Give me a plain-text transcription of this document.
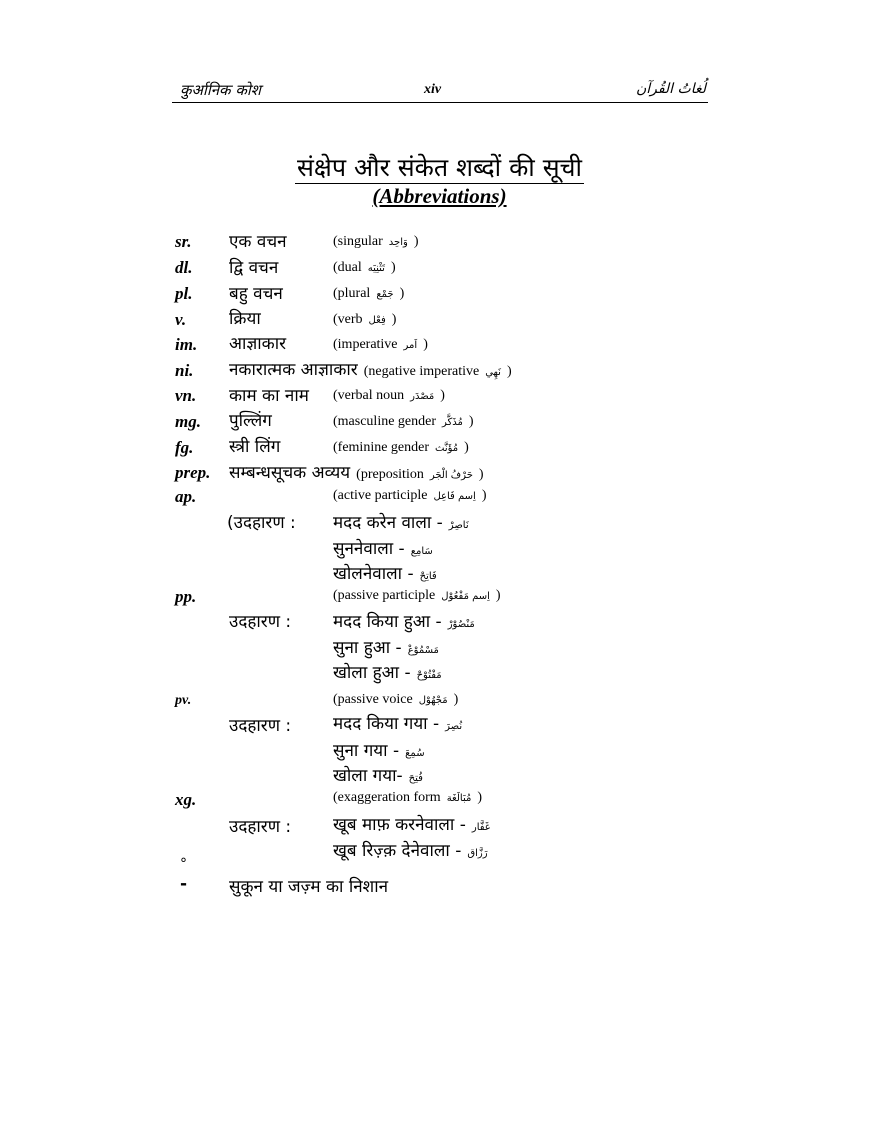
कुर्आनिक कोश	xiv	لُغاتُ القُرآن
संक्षेप और संकेत शब्दों की सूची
(Abbreviations)
sr. एक वचन	(singular وَاحِد )
dl. द्वि वचन	(dual تَثْنِيَه )
pl. बहु वचन	(plural جَمْع )
v.	क्रिया	(verb فِعْل )
im. आज्ञाकार	(imperative اَمر )
ni. नकारात्मक आज्ञाकार (negative imperative نَهِي )
vn. काम का नाम (verbal noun مَصْدَر )
mg. पुल्लिंग	(masculine gender مُذَكَّر )
fg. स्त्री लिंग	(feminine gender مُؤَنَّث )
prep. सम्बन्धसूचक अव्यय (preposition حَرْفُ الْجَر )
ap.	(active participle اِسم فَاعِل )
(उदहारण : मदद करेन वाला - نَاصِرْ
सुननेवाला - سَامِع
खोलनेवाला - فَاتِحْ
pp.	(passive participle اِسم مَفْعُوْل )
उदहारण : मदद किया हुआ - مَنْصُوْرْ
सुना हुआ - مَسْمُوْعْ
खोला हुआ - مَفْتُوْحْ
pv.	(passive voice مَجْهُوْل )
उदहारण : मदद किया गया - نُصِرَ
सुना गया - سُمِعَ
खोला गया- فُتِحَ
xg.	(exaggeration form مُبَالَغَة )
उदहारण : खूब माफ़ करनेवाला - غَفَّار
खूब रिज़्क़ देनेवाला - رَزَّاق
°
- सुकून या जज़्म का निशान
